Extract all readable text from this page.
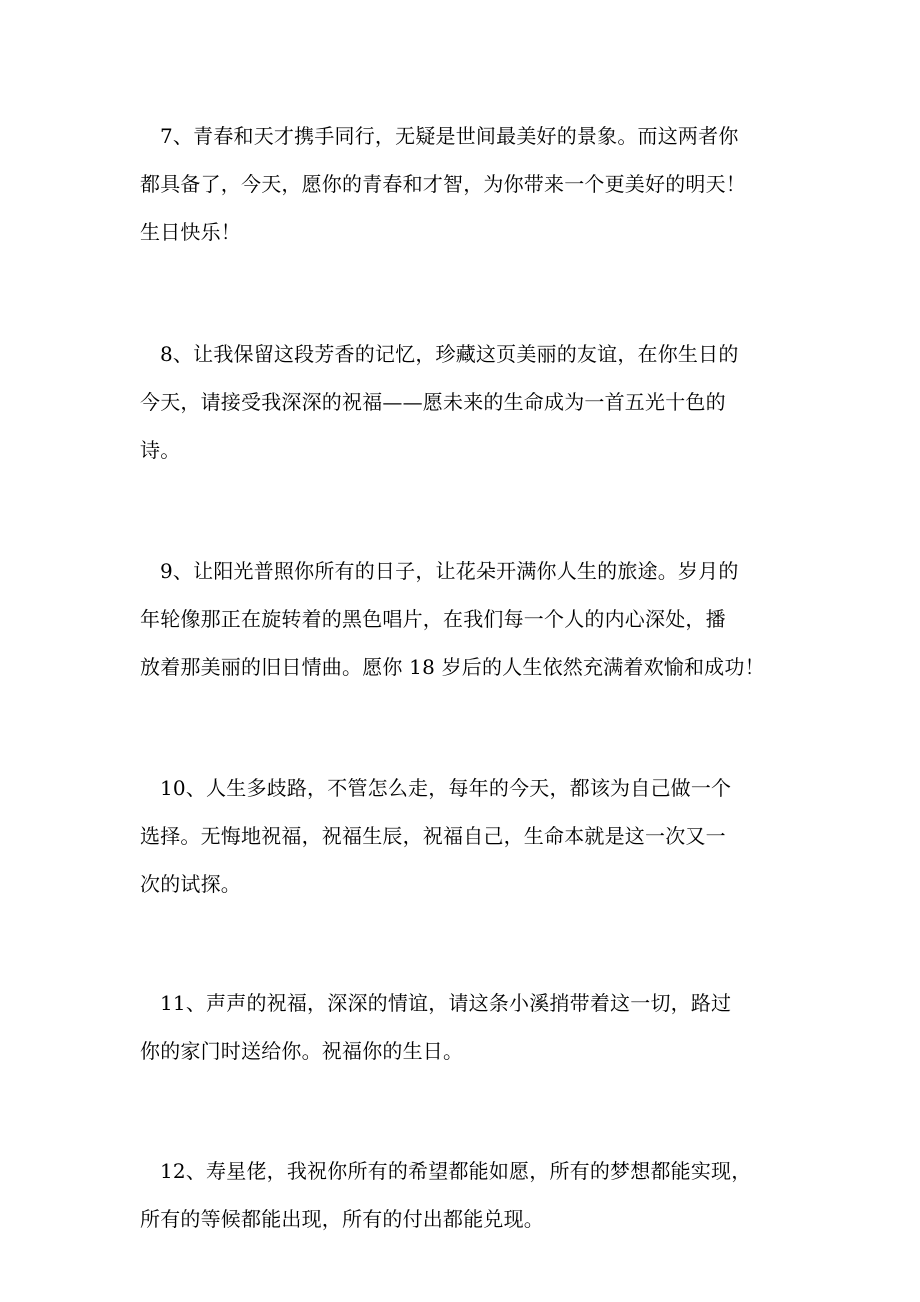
7、青春和天才携手同行，无疑是世间最美好的景象。而这两者你
都具备了，今天，愿你的青春和才智，为你带来一个更美好的明天！
生日快乐！
8、让我保留这段芳香的记忆，珍藏这页美丽的友谊，在你生日的
今天，请接受我深深的祝福——愿未来的生命成为一首五光十色的
诗。
9、让阳光普照你所有的日子，让花朵开满你人生的旅途。岁月的
年轮像那正在旋转着的黑色唱片，在我们每一个人的内心深处，播
放着那美丽的旧日情曲。愿你 18 岁后的人生依然充满着欢愉和成功！
10、人生多歧路，不管怎么走，每年的今天，都该为自己做一个
选择。无悔地祝福，祝福生辰，祝福自己，生命本就是这一次又一
次的试探。
11、声声的祝福，深深的情谊，请这条小溪捎带着这一切，路过
你的家门时送给你。祝福你的生日。
12、寿星佬，我祝你所有的希望都能如愿，所有的梦想都能实现，
所有的等候都能出现，所有的付出都能兑现。
